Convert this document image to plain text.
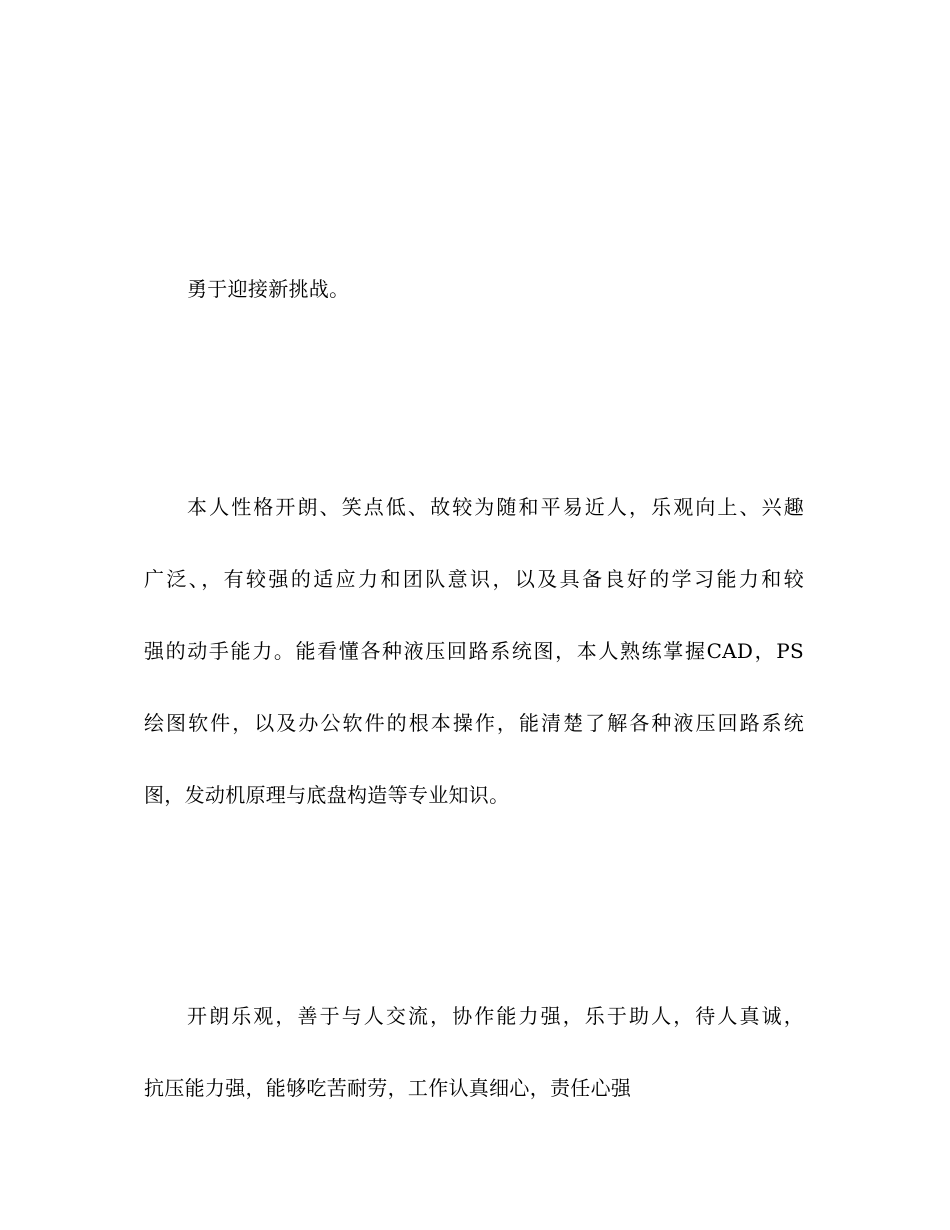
勇于迎接新挑战。
本人性格开朗、笑点低、故较为随和平易近人，乐观向上、兴趣
广泛、，有较强的适应力和团队意识，以及具备良好的学习能力和较
强的动手能力。能看懂各种液压回路系统图，本人熟练掌握CAD，PS
绘图软件，以及办公软件的根本操作，能清楚了解各种液压回路系统
图，发动机原理与底盘构造等专业知识。
开朗乐观，善于与人交流，协作能力强，乐于助人，待人真诚，
抗压能力强，能够吃苦耐劳，工作认真细心，责任心强
